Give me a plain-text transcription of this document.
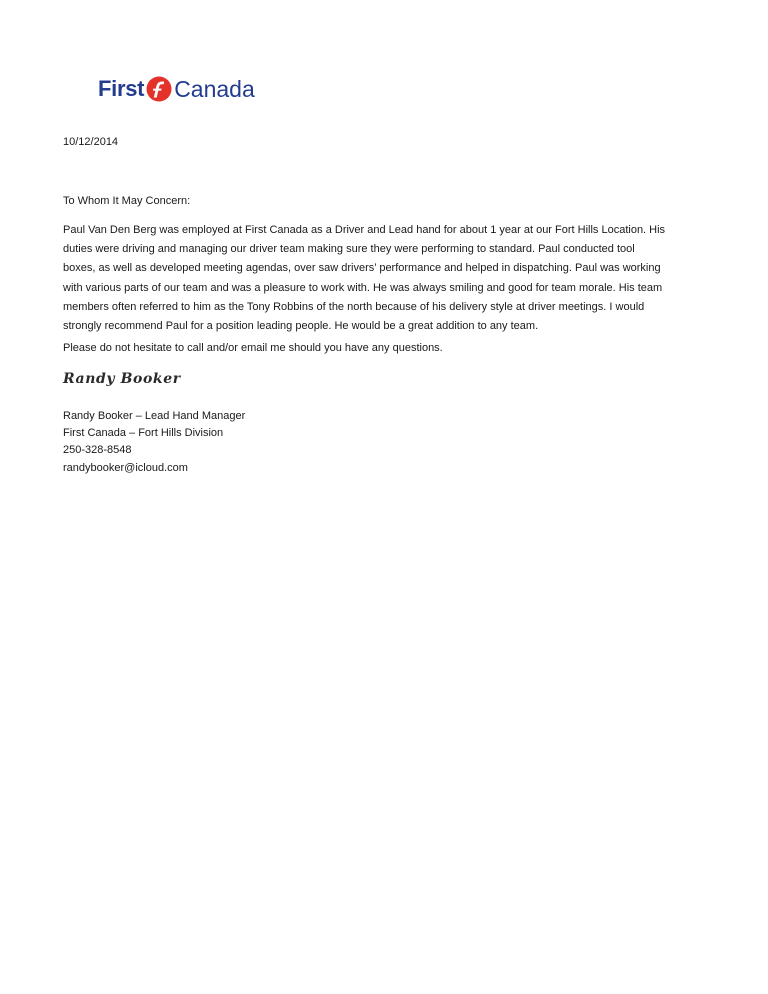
First Canada
10/12/2014
To Whom It May Concern:
Paul Van Den Berg was employed at First Canada as a Driver and Lead hand for about 1 year at our Fort Hills Location. His
duties were driving and managing our driver team making sure they were performing to standard. Paul conducted tool
boxes, as well as developed meeting agendas, over saw drivers’ performance and helped in dispatching. Paul was working
with various parts of our team and was a pleasure to work with. He was always smiling and good for team morale. His team
members often referred to him as the Tony Robbins of the north because of his delivery style at driver meetings. I would
strongly recommend Paul for a position leading people. He would be a great addition to any team.
Please do not hesitate to call and/or email me should you have any questions.
Randy Booker
Randy Booker – Lead Hand Manager
First Canada – Fort Hills Division
250-328-8548
randybooker@icloud.com
